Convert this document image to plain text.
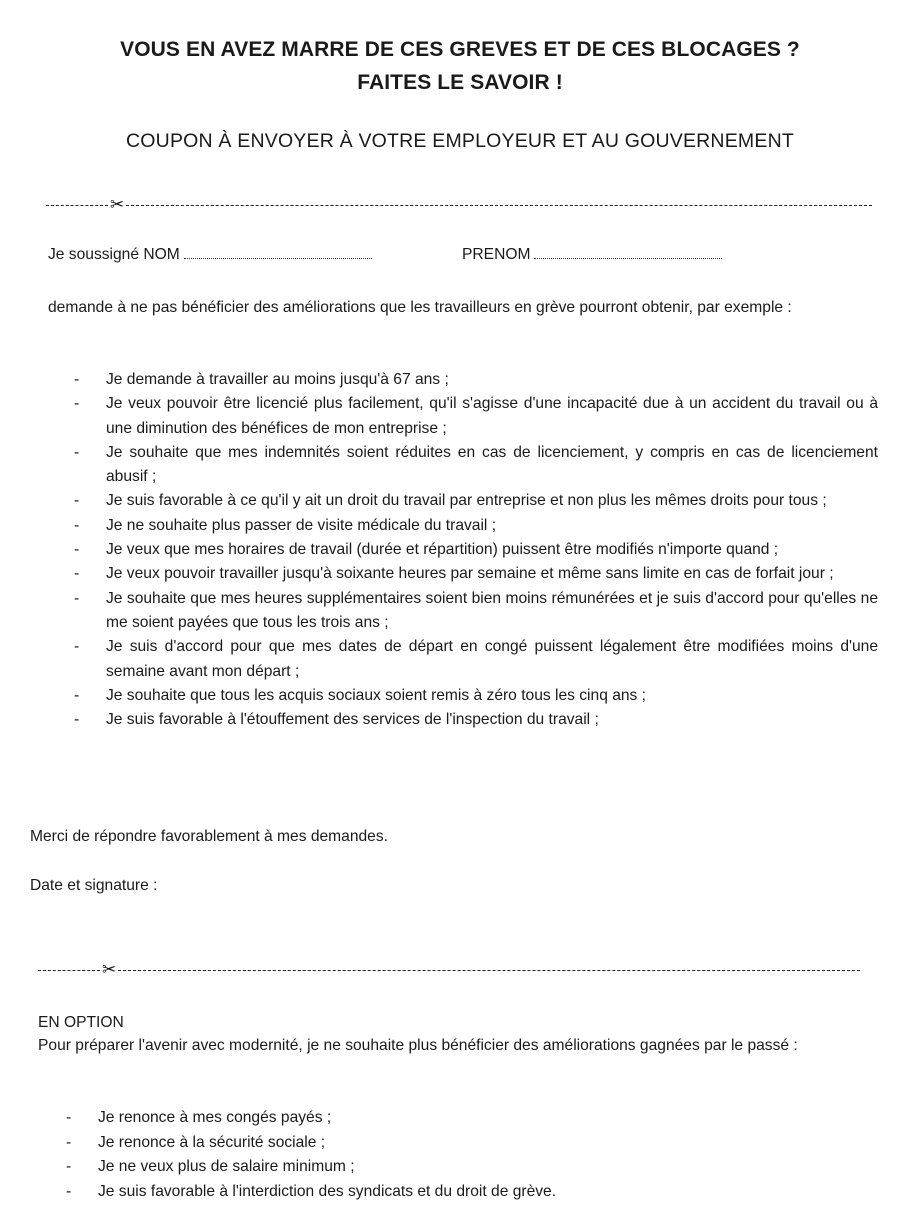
VOUS EN AVEZ MARRE DE CES GREVES ET DE CES BLOCAGES ?
FAITES LE SAVOIR !
COUPON À ENVOYER À VOTRE EMPLOYEUR ET AU GOUVERNEMENT
✂
Je soussigné NOM	PRENOM
demande à ne pas bénéficier des améliorations que les travailleurs en grève pourront obtenir, par exemple :
- Je demande à travailler au moins jusqu'à 67 ans ;
- Je veux pouvoir être licencié plus facilement, qu'il s'agisse d'une incapacité due à un accident du travail ou à une diminution des bénéfices de mon entreprise ;
- Je souhaite que mes indemnités soient réduites en cas de licenciement, y compris en cas de licenciement abusif ;
- Je suis favorable à ce qu'il y ait un droit du travail par entreprise et non plus les mêmes droits pour tous ;
- Je ne souhaite plus passer de visite médicale du travail ;
- Je veux que mes horaires de travail (durée et répartition) puissent être modifiés n'importe quand ;
- Je veux pouvoir travailler jusqu'à soixante heures par semaine et même sans limite en cas de forfait jour ;
- Je souhaite que mes heures supplémentaires soient bien moins rémunérées et je suis d'accord pour qu'elles ne me soient payées que tous les trois ans ;
- Je suis d'accord pour que mes dates de départ en congé puissent légalement être modifiées moins d'une semaine avant mon départ ;
- Je souhaite que tous les acquis sociaux soient remis à zéro tous les cinq ans ;
- Je suis favorable à l'étouffement des services de l'inspection du travail ;
Merci de répondre favorablement à mes demandes.
Date et signature :
✂
EN OPTION
Pour préparer l'avenir avec modernité, je ne souhaite plus bénéficier des améliorations gagnées par le passé :
- Je renonce à mes congés payés ;
- Je renonce à la sécurité sociale ;
- Je ne veux plus de salaire minimum ;
- Je suis favorable à l'interdiction des syndicats et du droit de grève.
